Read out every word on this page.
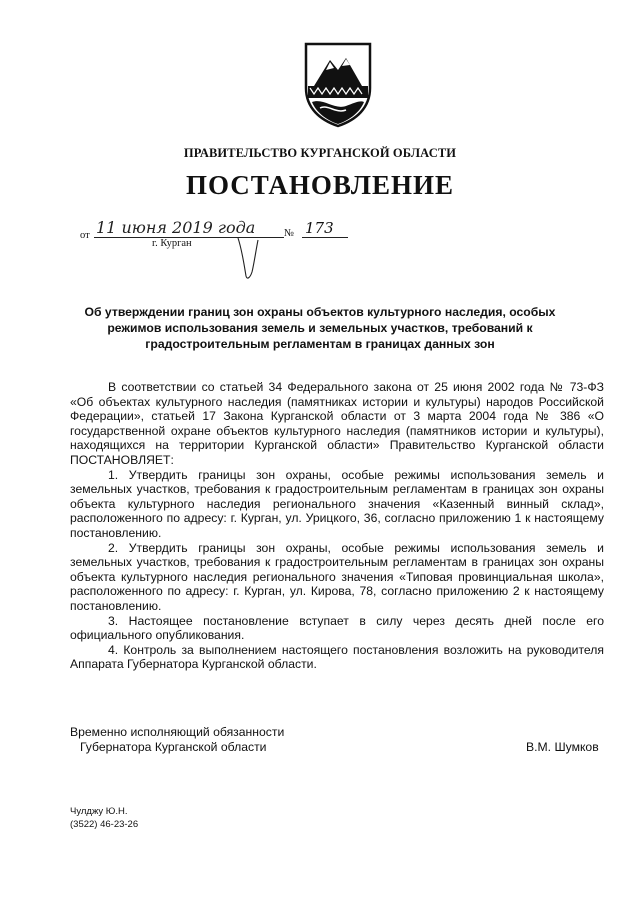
ПРАВИТЕЛЬСТВО КУРГАНСКОЙ ОБЛАСТИ
ПОСТАНОВЛЕНИЕ
от 11 июня 2019 года	№ 173
г. Курган
Об утверждении границ зон охраны объектов культурного наследия, особых режимов использования земель и земельных участков, требований к градостроительным регламентам в границах данных зон

В соответствии со статьей 34 Федерального закона от 25 июня 2002 года № 73-ФЗ «Об объектах культурного наследия (памятниках истории и культуры) народов Российской Федерации», статьей 17 Закона Курганской области от 3 марта 2004 года № 386 «О государственной охране объектов культурного наследия (памятников истории и культуры), находящихся на территории Курганской области» Правительство Курганской области ПОСТАНОВЛЯЕТ:

1. Утвердить границы зон охраны, особые режимы использования земель и земельных участков, требования к градостроительным регламентам в границах зон охраны объекта культурного наследия регионального значения «Казенный винный склад», расположенного по адресу: г. Курган, ул. Урицкого, 36, согласно приложению 1 к настоящему постановлению.

2. Утвердить границы зон охраны, особые режимы использования земель и земельных участков, требования к градостроительным регламентам в границах зон охраны объекта культурного наследия регионального значения «Типовая провинциальная школа», расположенного по адресу: г. Курган, ул. Кирова, 78, согласно приложению 2 к настоящему постановлению.

3. Настоящее постановление вступает в силу через десять дней после его официального опубликования.

4. Контроль за выполнением настоящего постановления возложить на руководителя Аппарата Губернатора Курганской области.

Временно исполняющий обязанности
Губернатора Курганской области	В.М. Шумков
Чулджу Ю.Н.
(3522) 46-23-26
